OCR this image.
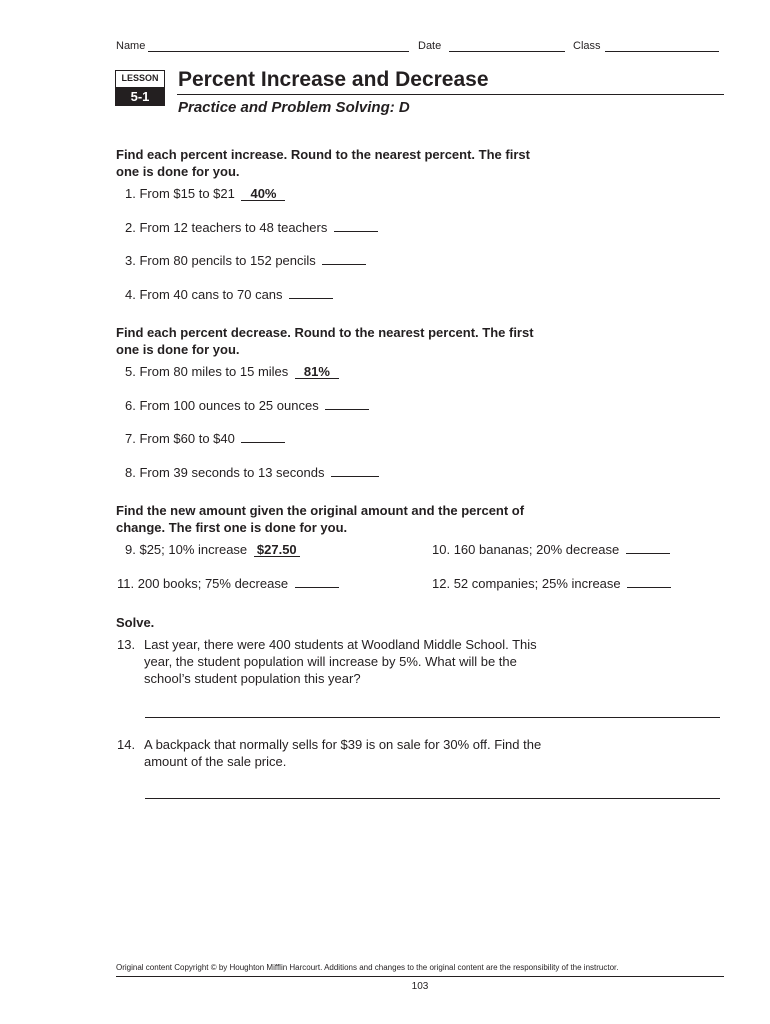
Name	Date	Class
LESSON
5-1
Percent Increase and Decrease
Practice and Problem Solving: D
Find each percent increase. Round to the nearest percent. The first
one is done for you.
1. From $15 to $21 40%
2. From 12 teachers to 48 teachers
3. From 80 pencils to 152 pencils
4. From 40 cans to 70 cans
Find each percent decrease. Round to the nearest percent. The first
one is done for you.
5. From 80 miles to 15 miles 81%
6. From 100 ounces to 25 ounces
7. From $60 to $40
8. From 39 seconds to 13 seconds
Find the new amount given the original amount and the percent of
change. The first one is done for you.
9. $25; 10% increase $27.50	10. 160 bananas; 20% decrease
11. 200 books; 75% decrease	12. 52 companies; 25% increase
Solve.
13. Last year, there were 400 students at Woodland Middle School. This
year, the student population will increase by 5%. What will be the
school’s student population this year?
14. A backpack that normally sells for $39 is on sale for 30% off. Find the
amount of the sale price.
Original content Copyright © by Houghton Mifflin Harcourt. Additions and changes to the original content are the responsibility of the instructor.
103
